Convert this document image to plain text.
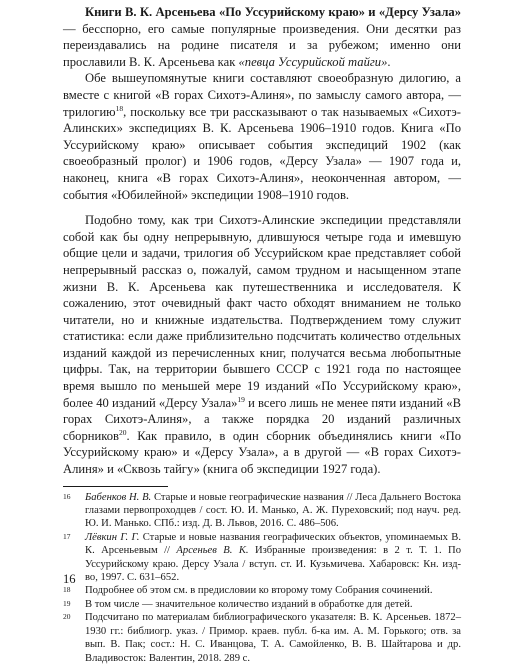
Книги В. К. Арсеньева «По Уссурийскому краю» и «Дерсу Узала» — бесспорно, его самые популярные произведения. Они десятки раз переиздавались на родине писателя и за рубежом; именно они прославили В. К. Арсеньева как «певца Уссурийской тайги».

Обе вышеупомянутые книги составляют своеобразную дилогию, а вместе с книгой «В горах Сихотэ-Алиня», по замыслу самого автора, — трилогию$^{18}$, поскольку все три рассказывают о так называемых «Сихотэ-Алинских» экспедициях В. К. Арсеньева 1906–1910 годов. Книга «По Уссурийскому краю» описывает события экспедиций 1902 (как своеобразный пролог) и 1906 годов, «Дерсу Узала» — 1907 года и, наконец, книга «В горах Сихотэ-Алиня», неоконченная автором, — события «Юбилейной» экспедиции 1908–1910 годов.

Подобно тому, как три Сихотэ-Алинские экспедиции представляли собой как бы одну непрерывную, длившуюся четыре года и имевшую общие цели и задачи, трилогия об Уссурийском крае представляет собой непрерывный рассказ о, пожалуй, самом трудном и насыщенном этапе жизни В. К. Арсеньева как путешественника и исследователя. К сожалению, этот очевидный факт часто обходят вниманием не только читатели, но и книжные издательства. Подтверждением тому служит статистика: если даже приблизительно подсчитать количество отдельных изданий каждой из перечисленных книг, получатся весьма любопытные цифры. Так, на территории бывшего СССР с 1921 года по настоящее время вышло по меньшей мере 19 изданий «По Уссурийскому краю», более 40 изданий «Дерсу Узала»$^{19}$ и всего лишь не менее пяти изданий «В горах Сихотэ-Алиня», а также порядка 20 изданий различных сборников$^{20}$. Как правило, в один сборник объединялись книги «По Уссурийскому краю» и «Дерсу Узала», а в другой — «В горах Сихотэ-Алиня» и «Сквозь тайгу» (книга об экспедиции 1927 года).

16	Бабенков Н. В. Старые и новые географические названия // Леса Дальнего Востока глазами первопроходцев / сост. Ю. И. Манько, А. Ж. Пуреховский; под науч. ред. Ю. И. Манько. СПб.: изд. Д. В. Львов, 2016. С. 486–506.
17	Лёвкин Г. Г. Старые и новые названия географических объектов, упоминаемых В. К. Арсеньевым // Арсеньев В. К. Избранные произведения: в 2 т. Т. 1. По Уссурийскому краю. Дерсу Узала / вступ. ст. И. Кузьмичева. Хабаровск: Кн. изд-во, 1997. С. 631–652.
18	Подробнее об этом см. в предисловии ко второму тому Собрания сочинений.
19	В том числе — значительное количество изданий в обработке для детей.
20	Подсчитано по материалам библиографического указателя: В. К. Арсеньев. 1872–1930 гг.: библиогр. указ. / Примор. краев. публ. б-ка им. А. М. Горького; отв. за вып. В. Пак; сост.: Н. С. Иванцова, Т. А. Самойленко, В. В. Шайтарова и др. Владивосток: Валентин, 2018. 289 с.
16
